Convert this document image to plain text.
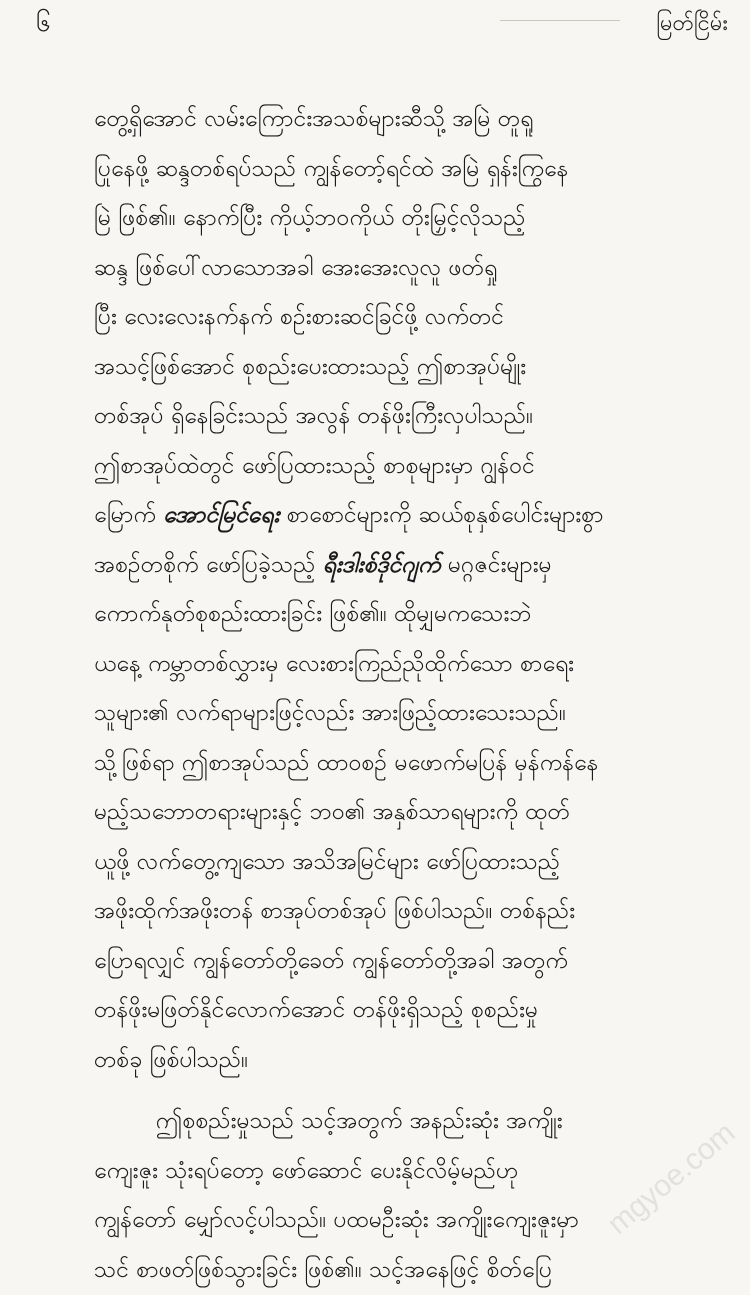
၆	မြတ်ငြိမ်း
တွေ့ရှိအောင် လမ်းကြောင်းအသစ်များဆီသို့ အမြဲ တူရူ
ပြုနေဖို့ ဆန္ဒတစ်ရပ်သည် ကျွန်တော့်ရင်ထဲ အမြဲ ရှန်းကြွနေ
မြဲ ဖြစ်၏။ နောက်ပြီး ကိုယ့်ဘဝကိုယ် တိုးမြှင့်လိုသည့်
ဆန္ဒ ဖြစ်ပေါ်လာသောအခါ အေးအေးလူလူ ဖတ်ရှု
ပြီး လေးလေးနက်နက် စဉ်းစားဆင်ခြင်ဖို့ လက်တင်
အသင့်ဖြစ်အောင် စုစည်းပေးထားသည့် ဤစာအုပ်မျိုး
တစ်အုပ် ရှိနေခြင်းသည် အလွန် တန်ဖိုးကြီးလှပါသည်။
ဤစာအုပ်ထဲတွင် ဖော်ပြထားသည့် စာစုများမှာ ဂျွန်ဝင်
မြောက် အောင်မြင်ရေး စာစောင်များကို ဆယ်စုနှစ်ပေါင်းများစွာ
အစဉ်တစိုက် ဖော်ပြခဲ့သည့် ရီးဒါးစ်ဒိုင်ဂျက် မဂ္ဂဇင်းများမှ
ကောက်နုတ်စုစည်းထားခြင်း ဖြစ်၏။ ထိုမျှမကသေးဘဲ
ယနေ့ ကမ္ဘာတစ်လွှားမှ လေးစားကြည်ညိုထိုက်သော စာရေး
သူများ၏ လက်ရာများဖြင့်လည်း အားဖြည့်ထားသေးသည်။
သို့ဖြစ်ရာ ဤစာအုပ်သည် ထာဝစဉ် မဖောက်မပြန် မှန်ကန်နေ
မည့်သဘောတရားများနှင့် ဘဝ၏ အနှစ်သာရများကို ထုတ်
ယူဖို့ လက်တွေ့ကျသော အသိအမြင်များ ဖော်ပြထားသည့်
အဖိုးထိုက်အဖိုးတန် စာအုပ်တစ်အုပ် ဖြစ်ပါသည်။ တစ်နည်း
ပြောရလျှင် ကျွန်တော်တို့ခေတ် ကျွန်တော်တို့အခါ အတွက်
တန်ဖိုးမဖြတ်နိုင်လောက်အောင် တန်ဖိုးရှိသည့် စုစည်းမှု
တစ်ခု ဖြစ်ပါသည်။
ဤစုစည်းမှုသည် သင့်အတွက် အနည်းဆုံး အကျိုး
ကျေးဇူး သုံးရပ်တော့ ဖော်ဆောင် ပေးနိုင်လိမ့်မည်ဟု
ကျွန်တော် မျှော်လင့်ပါသည်။ ပထမဦးဆုံး အကျိုးကျေးဇူးမှာ
သင် စာဖတ်ဖြစ်သွားခြင်း ဖြစ်၏။ သင့်အနေဖြင့် စိတ်ပြေ
mgyoe.com
